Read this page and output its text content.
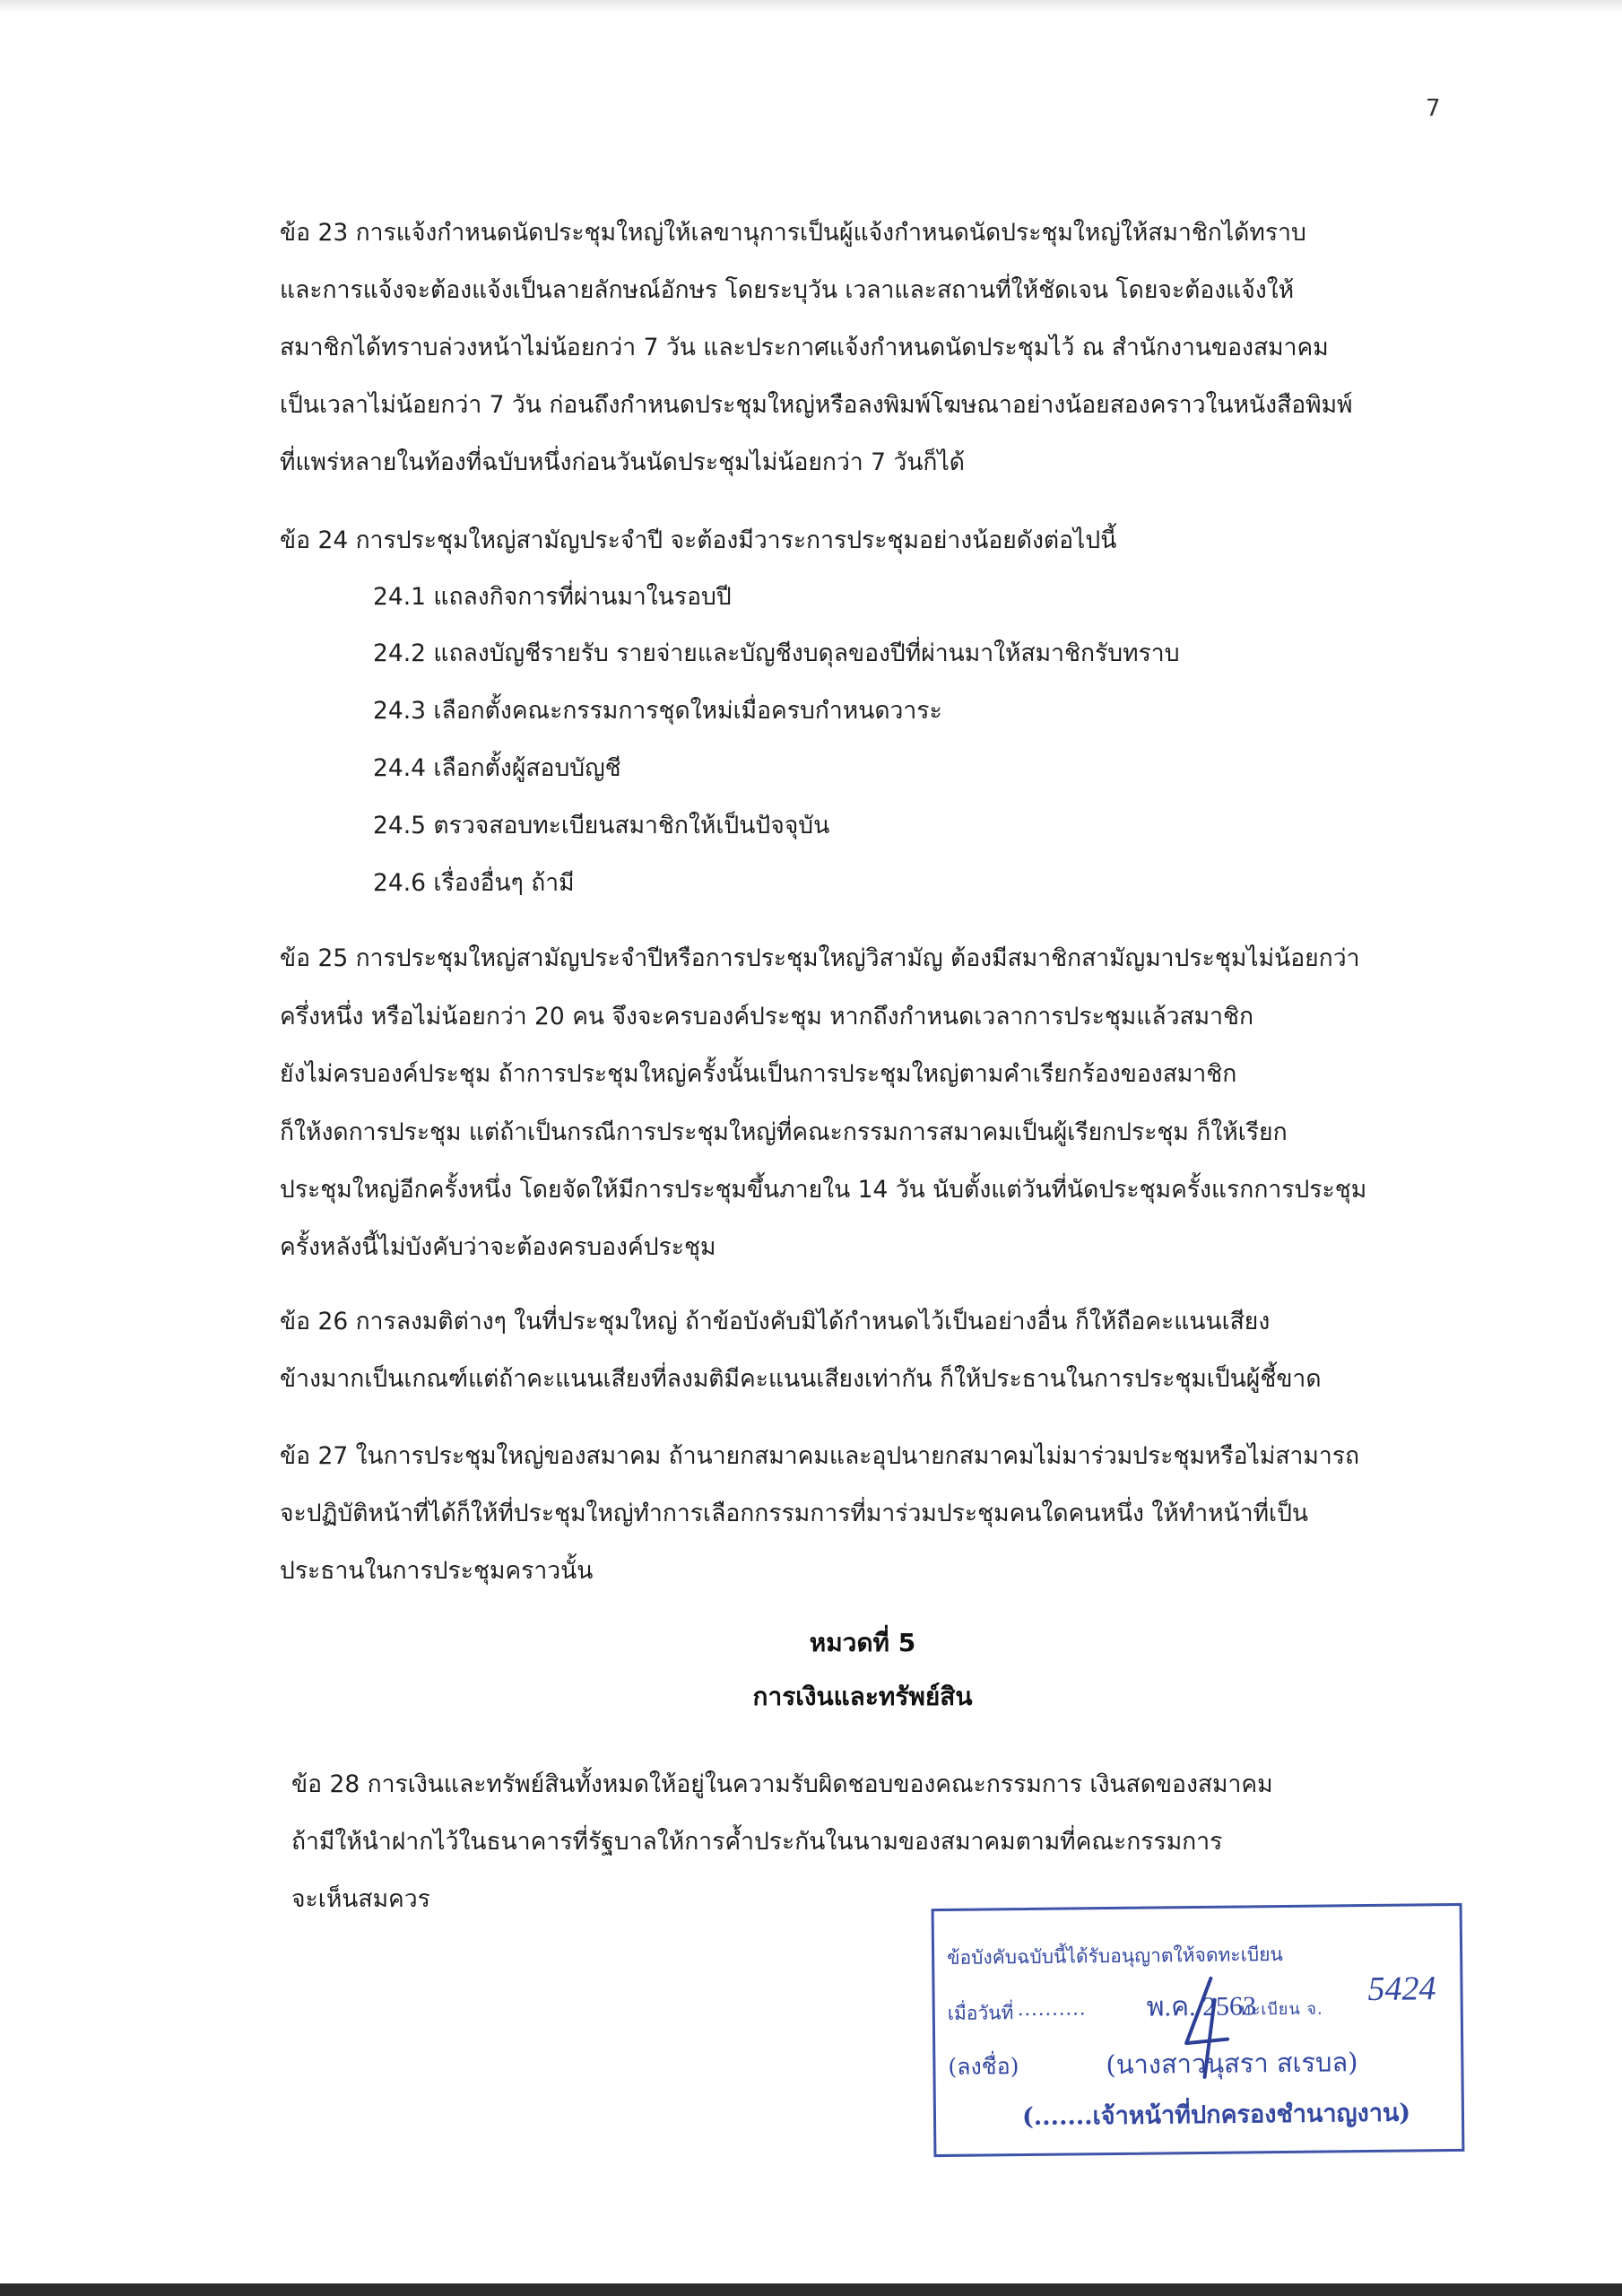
7
ข้อ 23 การแจ้งกำหนดนัดประชุมใหญ่ให้เลขานุการเป็นผู้แจ้งกำหนดนัดประชุมใหญ่ให้สมาชิกได้ทราบ
และการแจ้งจะต้องแจ้งเป็นลายลักษณ์อักษร โดยระบุวัน เวลาและสถานที่ให้ชัดเจน โดยจะต้องแจ้งให้
สมาชิกได้ทราบล่วงหน้าไม่น้อยกว่า 7 วัน และประกาศแจ้งกำหนดนัดประชุมไว้ ณ สำนักงานของสมาคม
เป็นเวลาไม่น้อยกว่า 7 วัน ก่อนถึงกำหนดประชุมใหญ่หรือลงพิมพ์โฆษณาอย่างน้อยสองคราวในหนังสือพิมพ์
ที่แพร่หลายในท้องที่ฉบับหนึ่งก่อนวันนัดประชุมไม่น้อยกว่า 7 วันก็ได้
ข้อ 24 การประชุมใหญ่สามัญประจำปี จะต้องมีวาระการประชุมอย่างน้อยดังต่อไปนี้
24.1 แถลงกิจการที่ผ่านมาในรอบปี
24.2 แถลงบัญชีรายรับ รายจ่ายและบัญชีงบดุลของปีที่ผ่านมาให้สมาชิกรับทราบ
24.3 เลือกตั้งคณะกรรมการชุดใหม่เมื่อครบกำหนดวาระ
24.4 เลือกตั้งผู้สอบบัญชี
24.5 ตรวจสอบทะเบียนสมาชิกให้เป็นปัจจุบัน
24.6 เรื่องอื่นๆ ถ้ามี
ข้อ 25 การประชุมใหญ่สามัญประจำปีหรือการประชุมใหญ่วิสามัญ ต้องมีสมาชิกสามัญมาประชุมไม่น้อยกว่า
ครึ่งหนึ่ง หรือไม่น้อยกว่า 20 คน จึงจะครบองค์ประชุม หากถึงกำหนดเวลาการประชุมแล้วสมาชิก
ยังไม่ครบองค์ประชุม ถ้าการประชุมใหญ่ครั้งนั้นเป็นการประชุมใหญ่ตามคำเรียกร้องของสมาชิก
ก็ให้งดการประชุม แต่ถ้าเป็นกรณีการประชุมใหญ่ที่คณะกรรมการสมาคมเป็นผู้เรียกประชุม ก็ให้เรียก
ประชุมใหญ่อีกครั้งหนึ่ง โดยจัดให้มีการประชุมขึ้นภายใน 14 วัน นับตั้งแต่วันที่นัดประชุมครั้งแรกการประชุม
ครั้งหลังนี้ไม่บังคับว่าจะต้องครบองค์ประชุม
ข้อ 26 การลงมติต่างๆ ในที่ประชุมใหญ่ ถ้าข้อบังคับมิได้กำหนดไว้เป็นอย่างอื่น ก็ให้ถือคะแนนเสียง
ข้างมากเป็นเกณฑ์แต่ถ้าคะแนนเสียงที่ลงมติมีคะแนนเสียงเท่ากัน ก็ให้ประธานในการประชุมเป็นผู้ชี้ขาด
ข้อ 27 ในการประชุมใหญ่ของสมาคม ถ้านายกสมาคมและอุปนายกสมาคมไม่มาร่วมประชุมหรือไม่สามารถ
จะปฏิบัติหน้าที่ได้ก็ให้ที่ประชุมใหญ่ทำการเลือกกรรมการที่มาร่วมประชุมคนใดคนหนึ่ง ให้ทำหน้าที่เป็น
ประธานในการประชุมคราวนั้น
หมวดที่ 5
การเงินและทรัพย์สิน
ข้อ 28 การเงินและทรัพย์สินทั้งหมดให้อยู่ในความรับผิดชอบของคณะกรรมการ เงินสดของสมาคม
ถ้ามีให้นำฝากไว้ในธนาคารที่รัฐบาลให้การค้ำประกันในนามของสมาคมตามที่คณะกรรมการ
จะเห็นสมควร
ข้อบังคับฉบับนี้ได้รับอนุญาตให้จดทะเบียน
เมื่อวันที่ .......... พ.ค. 2563
ทะเบียน จ.
5424
(ลงชื่อ)	(นางสาวนุสรา สเรบล)
(.......เจ้าหน้าที่ปกครองชำนาญงาน)
